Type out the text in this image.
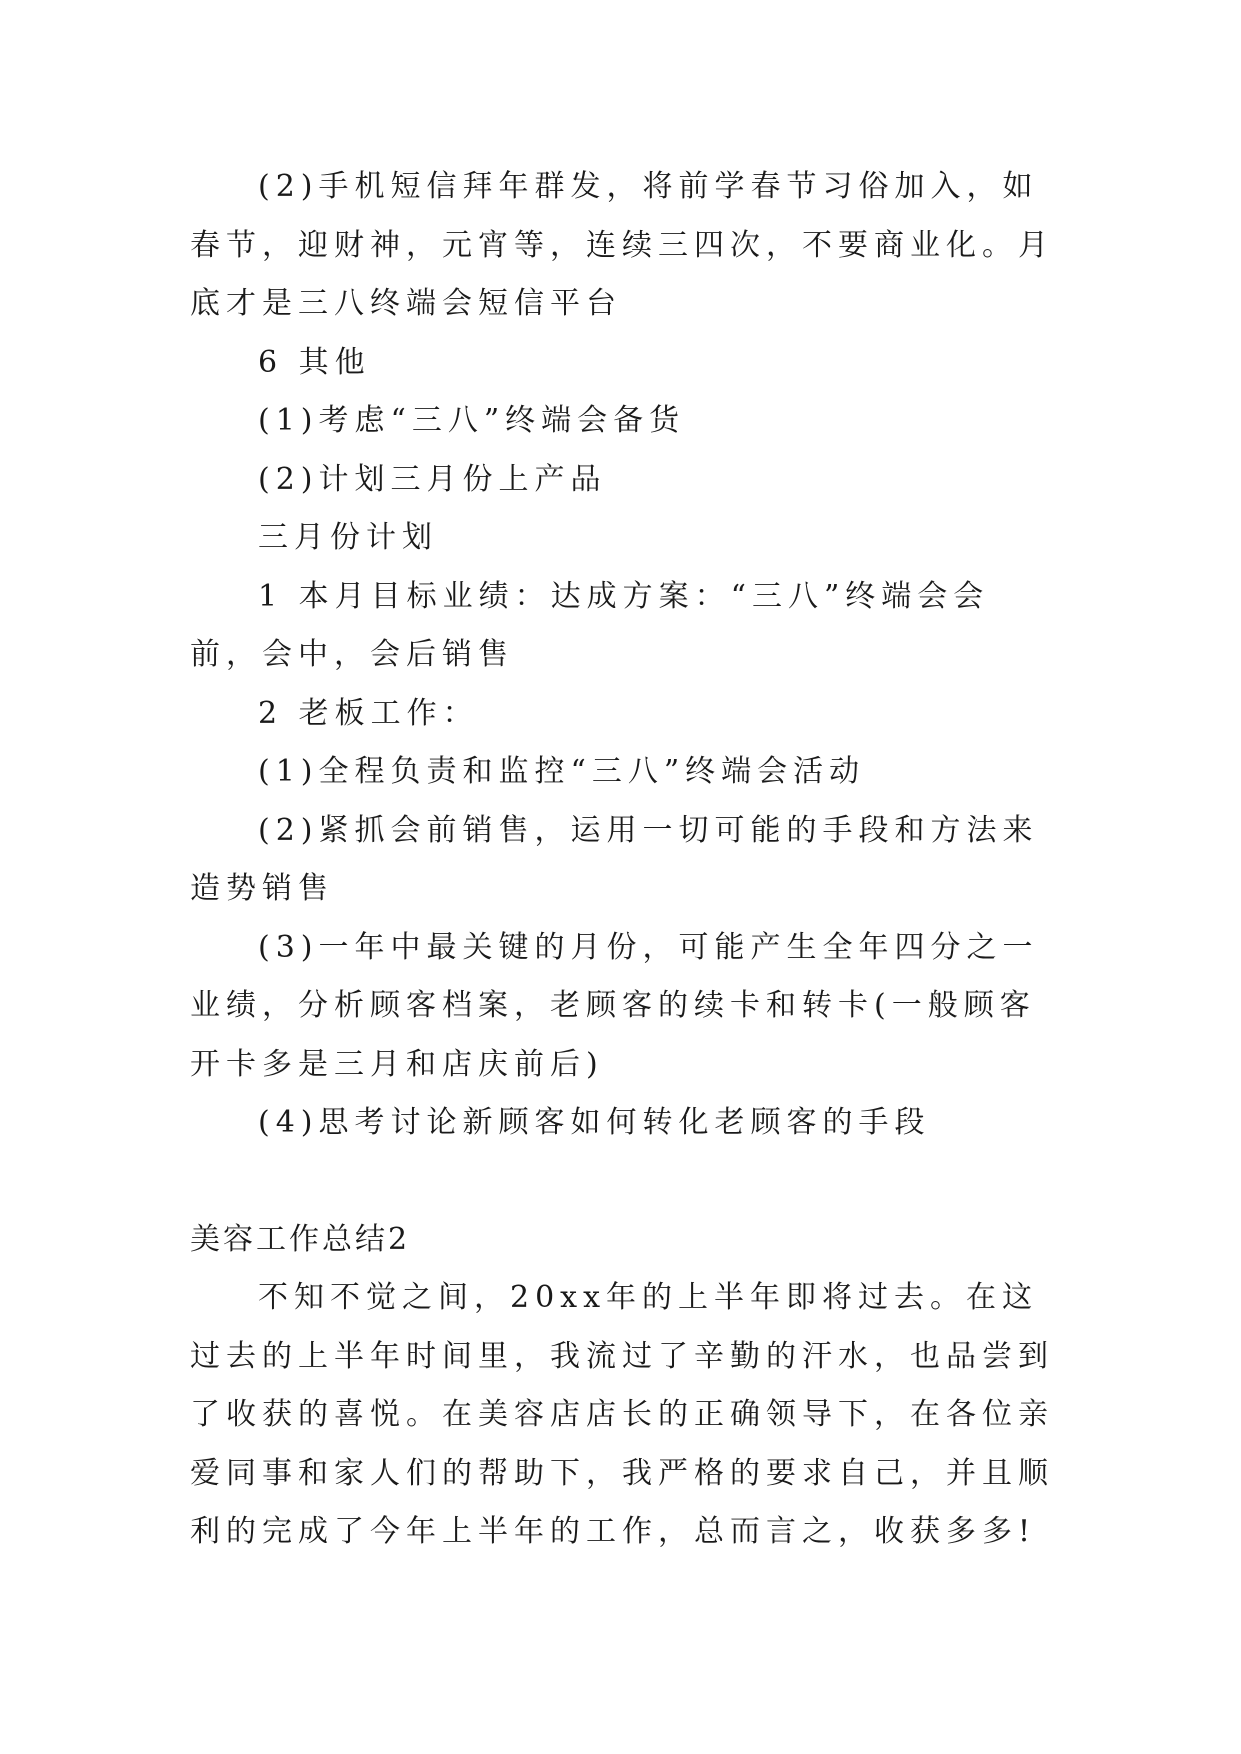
(2)手机短信拜年群发，将前学春节习俗加入，如春节，迎财神，元宵等，连续三四次，不要商业化。月底才是三八终端会短信平台

6 其他

(1)考虑“三八”终端会备货

(2)计划三月份上产品

三月份计划

1 本月目标业绩：达成方案：“三八”终端会会前，会中，会后销售

2 老板工作：

(1)全程负责和监控“三八”终端会活动

(2)紧抓会前销售，运用一切可能的手段和方法来造势销售

(3)一年中最关键的月份，可能产生全年四分之一业绩，分析顾客档案，老顾客的续卡和转卡(一般顾客开卡多是三月和店庆前后)

(4)思考讨论新顾客如何转化老顾客的手段

美容工作总结2

不知不觉之间，20xx年的上半年即将过去。在这过去的上半年时间里，我流过了辛勤的汗水，也品尝到了收获的喜悦。在美容店店长的正确领导下，在各位亲爱同事和家人们的帮助下，我严格的要求自己，并且顺利的完成了今年上半年的工作，总而言之，收获多多!
